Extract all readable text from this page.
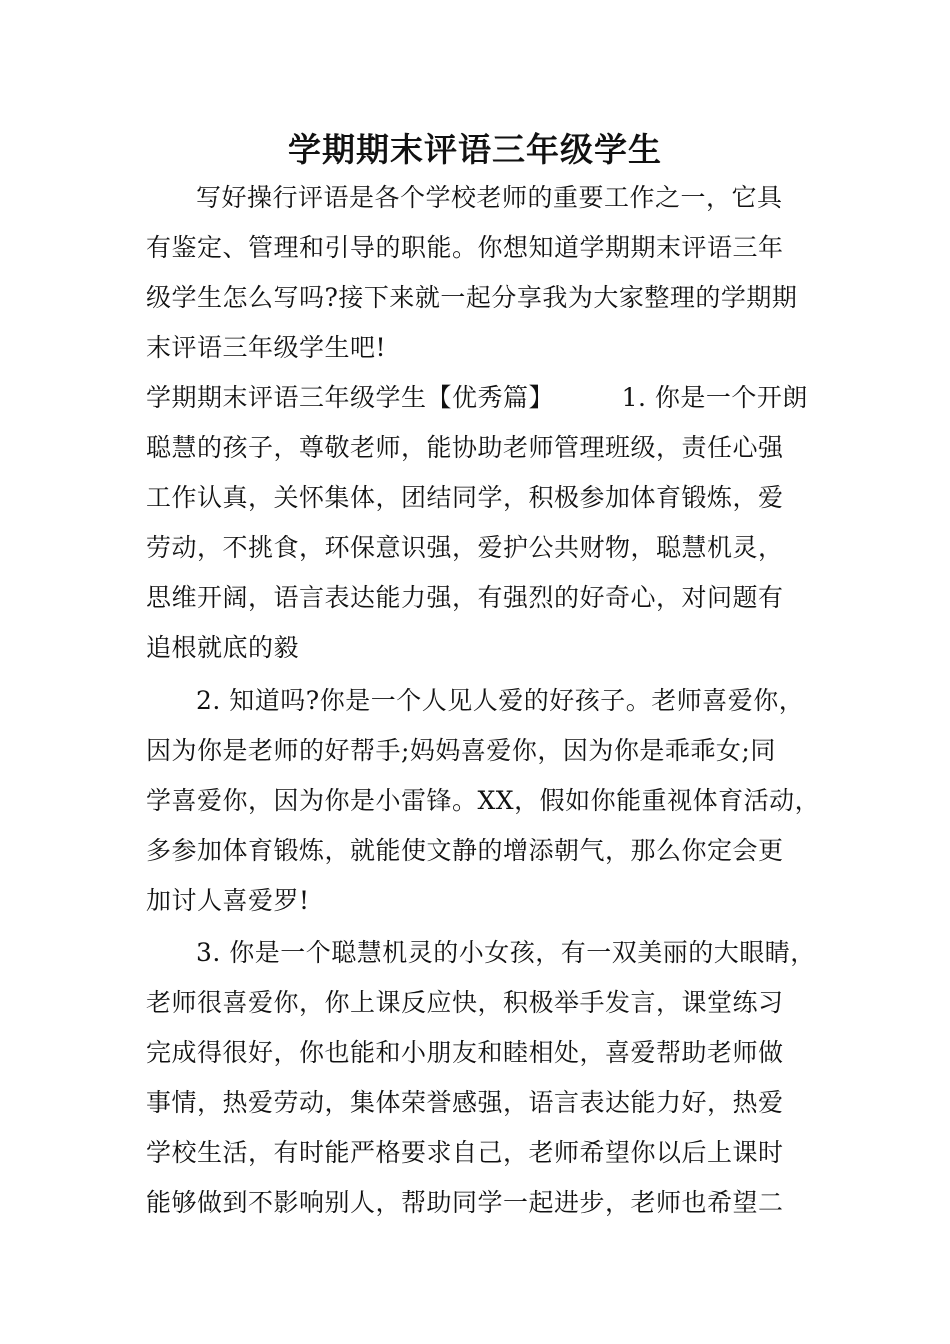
学期期末评语三年级学生

写好操行评语是各个学校老师的重要工作之一，它具

有鉴定、管理和引导的职能。你想知道学期期末评语三年

级学生怎么写吗?接下来就一起分享我为大家整理的学期期

末评语三年级学生吧!

学期期末评语三年级学生【优秀篇】        1. 你是一个开朗

聪慧的孩子，尊敬老师，能协助老师管理班级，责任心强

工作认真，关怀集体，团结同学，积极参加体育锻炼，爱

劳动，不挑食，环保意识强，爱护公共财物，聪慧机灵，

思维开阔，语言表达能力强，有强烈的好奇心，对问题有

追根就底的毅

2. 知道吗?你是一个人见人爱的好孩子。老师喜爱你，

因为你是老师的好帮手;妈妈喜爱你，因为你是乖乖女;同

学喜爱你，因为你是小雷锋。XX，假如你能重视体育活动，

多参加体育锻炼，就能使文静的增添朝气，那么你定会更

加讨人喜爱罗!

3. 你是一个聪慧机灵的小女孩，有一双美丽的大眼睛，

老师很喜爱你，你上课反应快，积极举手发言，课堂练习

完成得很好，你也能和小朋友和睦相处，喜爱帮助老师做

事情，热爱劳动，集体荣誉感强，语言表达能力好，热爱

学校生活，有时能严格要求自己，老师希望你以后上课时

能够做到不影响别人，帮助同学一起进步，老师也希望二
